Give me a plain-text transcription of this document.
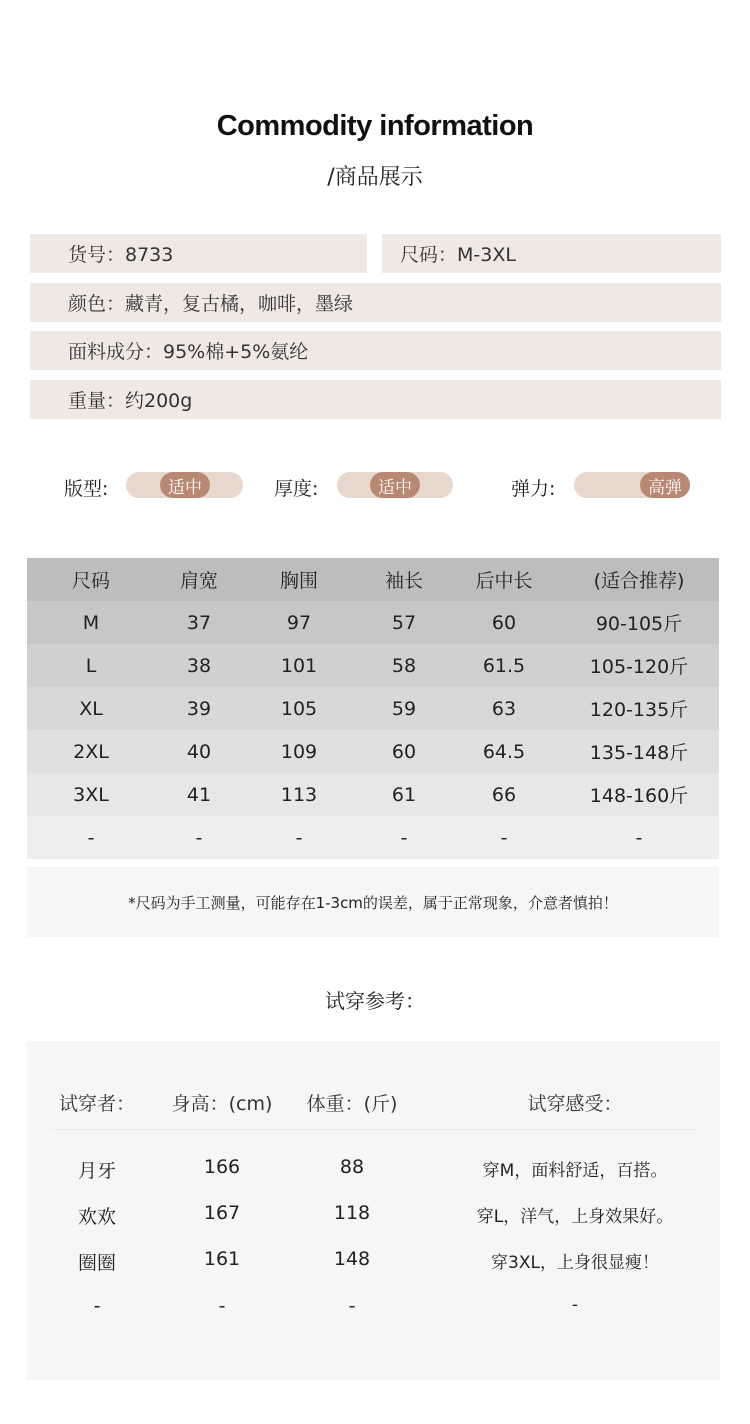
Commodity information
/商品展示
货号：8733	尺码：M-3XL
颜色：藏青，复古橘，咖啡，墨绿
面料成分：95%棉+5%氨纶
重量：约200g
版型:	适中	厚度:	适中	弹力:	高弹
尺码	肩宽	胸围	袖长	后中长	(适合推荐)
M	37	97	57	60	90-105斤
L	38	101	58	61.5	105-120斤
XL	39	105	59	63	120-135斤
2XL	40	109	60	64.5	135-148斤
3XL	41	113	61	66	148-160斤
-	-	-	-	-	-
*尺码为手工测量，可能存在1-3cm的误差，属于正常现象，介意者慎拍！
试穿参考：
试穿者：	身高：(cm)	体重：(斤)	试穿感受：
月牙	166	88	穿M，面料舒适，百搭。
欢欢	167	118	穿L，洋气，上身效果好。
圈圈	161	148	穿3XL，上身很显瘦！
-	-	-	-
